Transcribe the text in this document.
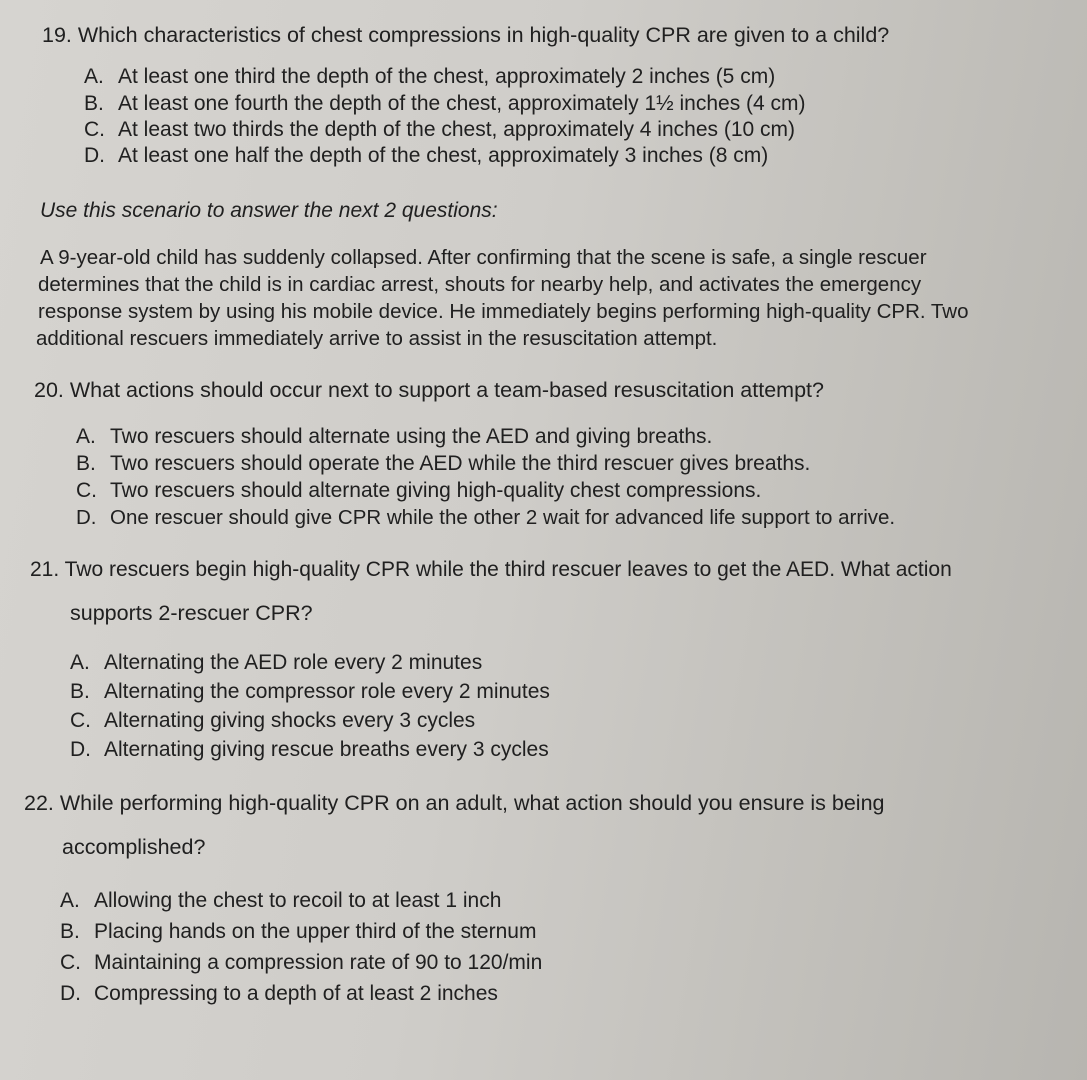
19. Which characteristics of chest compressions in high-quality CPR are given to a child?
A. At least one third the depth of the chest, approximately 2 inches (5 cm)
B. At least one fourth the depth of the chest, approximately 1½ inches (4 cm)
C. At least two thirds the depth of the chest, approximately 4 inches (10 cm)
D. At least one half the depth of the chest, approximately 3 inches (8 cm)
Use this scenario to answer the next 2 questions:
A 9-year-old child has suddenly collapsed. After confirming that the scene is safe, a single rescuer
determines that the child is in cardiac arrest, shouts for nearby help, and activates the emergency
response system by using his mobile device. He immediately begins performing high-quality CPR. Two
additional rescuers immediately arrive to assist in the resuscitation attempt.
20. What actions should occur next to support a team-based resuscitation attempt?
A. Two rescuers should alternate using the AED and giving breaths.
B. Two rescuers should operate the AED while the third rescuer gives breaths.
C. Two rescuers should alternate giving high-quality chest compressions.
D. One rescuer should give CPR while the other 2 wait for advanced life support to arrive.
21. Two rescuers begin high-quality CPR while the third rescuer leaves to get the AED. What action
supports 2-rescuer CPR?
A. Alternating the AED role every 2 minutes
B. Alternating the compressor role every 2 minutes
C. Alternating giving shocks every 3 cycles
D. Alternating giving rescue breaths every 3 cycles
22. While performing high-quality CPR on an adult, what action should you ensure is being
accomplished?
A. Allowing the chest to recoil to at least 1 inch
B. Placing hands on the upper third of the sternum
C. Maintaining a compression rate of 90 to 120/min
D. Compressing to a depth of at least 2 inches
